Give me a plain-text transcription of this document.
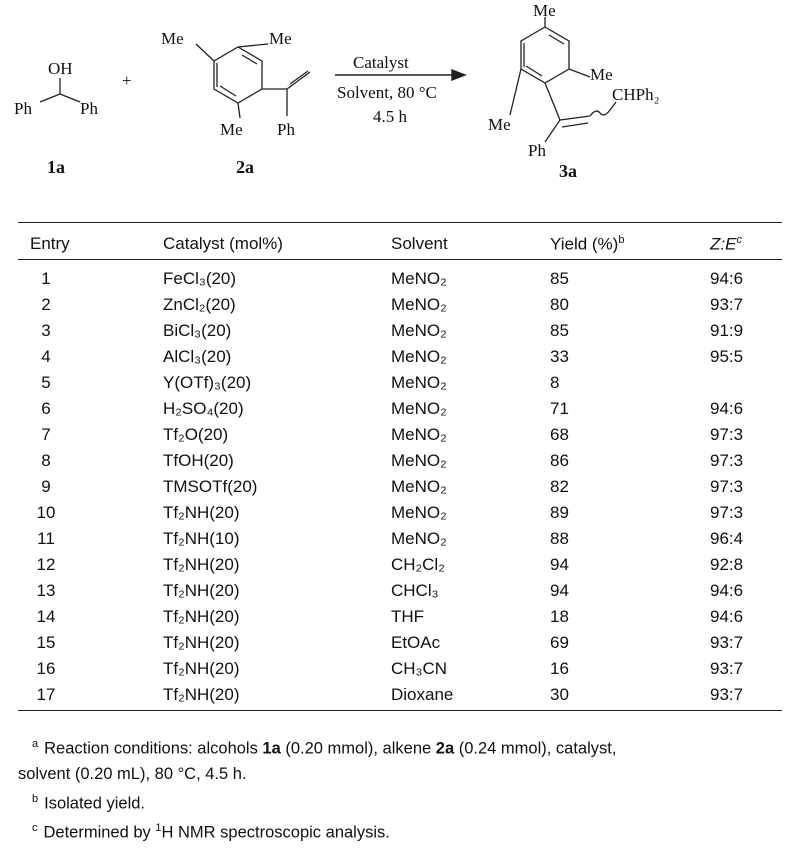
OH
Ph	Ph
1a
+
Me	Me
Me Ph
2a
Catalyst
Solvent, 80 °C
4.5 h
Me
Me
Me
CHPh₂
Ph
3a
Entry	Catalyst (mol%)	Solvent	Yield (%)$^b$	$Z:E^c$
1	FeCl₃(20)	MeNO₂	85	94:6
2	ZnCl₂(20)	MeNO₂	80	93:7
3	BiCl₃(20)	MeNO₂	85	91:9
4	AlCl₃(20)	MeNO₂	33	95:5
5	Y(OTf)₃(20)	MeNO₂	8
6	H₂SO₄(20)	MeNO₂	71	94:6
7	Tf₂O(20)	MeNO₂	68	97:3
8	TfOH(20)	MeNO₂	86	97:3
9	TMSOTf(20)	MeNO₂	82	97:3
10	Tf₂NH(20)	MeNO₂	89	97:3
11	Tf₂NH(10)	MeNO₂	88	96:4
12	Tf₂NH(20)	CH₂Cl₂	94	92:8
13	Tf₂NH(20)	CHCl₃	94	94:6
14	Tf₂NH(20)	THF	18	94:6
15	Tf₂NH(20)	EtOAc	69	93:7
16	Tf₂NH(20)	CH₃CN	16	93:7
17	Tf₂NH(20)	Dioxane	30	93:7
$^a$ Reaction conditions: alcohols 1a (0.20 mmol), alkene 2a (0.24 mmol), catalyst,
solvent (0.20 mL), 80 °C, 4.5 h.
$^b$ Isolated yield.
$^c$ Determined by $^1$H NMR spectroscopic analysis.
